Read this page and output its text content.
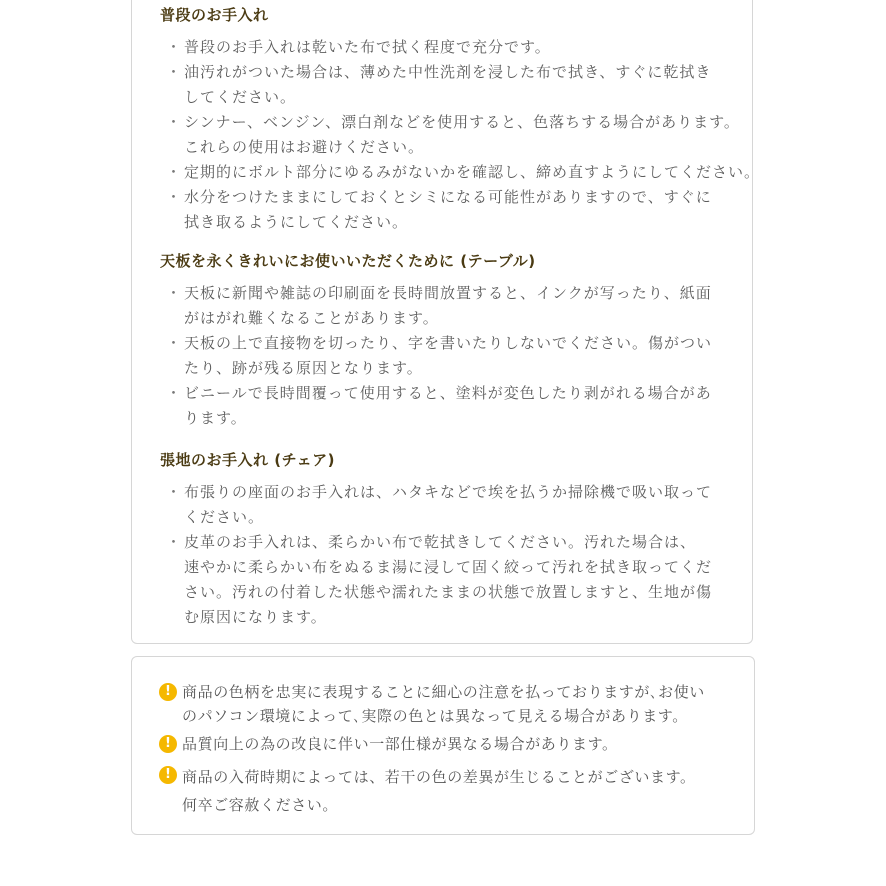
普段のお手入れ
・ 普段のお手入れは乾いた布で拭く程度で充分です。
・ 油汚れがついた場合は、薄めた中性洗剤を浸した布で拭き、すぐに乾拭き
してください。
・ シンナー、ベンジン、漂白剤などを使用すると、色落ちする場合があります。
これらの使用はお避けください。
・ 定期的にボルト部分にゆるみがないかを確認し、締め直すようにしてください。
・ 水分をつけたままにしておくとシミになる可能性がありますので、すぐに
拭き取るようにしてください。
天板を永くきれいにお使いいただくために (テーブル)
・ 天板に新聞や雑誌の印刷面を長時間放置すると、インクが写ったり、紙面
がはがれ難くなることがあります。
・ 天板の上で直接物を切ったり、字を書いたりしないでください。傷がつい
たり、跡が残る原因となります。
・ ビニールで長時間覆って使用すると、塗料が変色したり剥がれる場合があ
ります。
張地のお手入れ (チェア)
・ 布張りの座面のお手入れは、ハタキなどで埃を払うか掃除機で吸い取って
ください。
・ 皮革のお手入れは、柔らかい布で乾拭きしてください。汚れた場合は、
速やかに柔らかい布をぬるま湯に浸して固く絞って汚れを拭き取ってくだ
さい。汚れの付着した状態や濡れたままの状態で放置しますと、生地が傷
む原因になります。
! 商品の色柄を忠実に表現することに細心の注意を払っておりますが､お使い
のパソコン環境によって､実際の色とは異なって見える場合があります。
! 品質向上の為の改良に伴い一部仕様が異なる場合があります。
! 商品の入荷時期によっては、若干の色の差異が生じることがございます。
何卒ご容赦ください。
